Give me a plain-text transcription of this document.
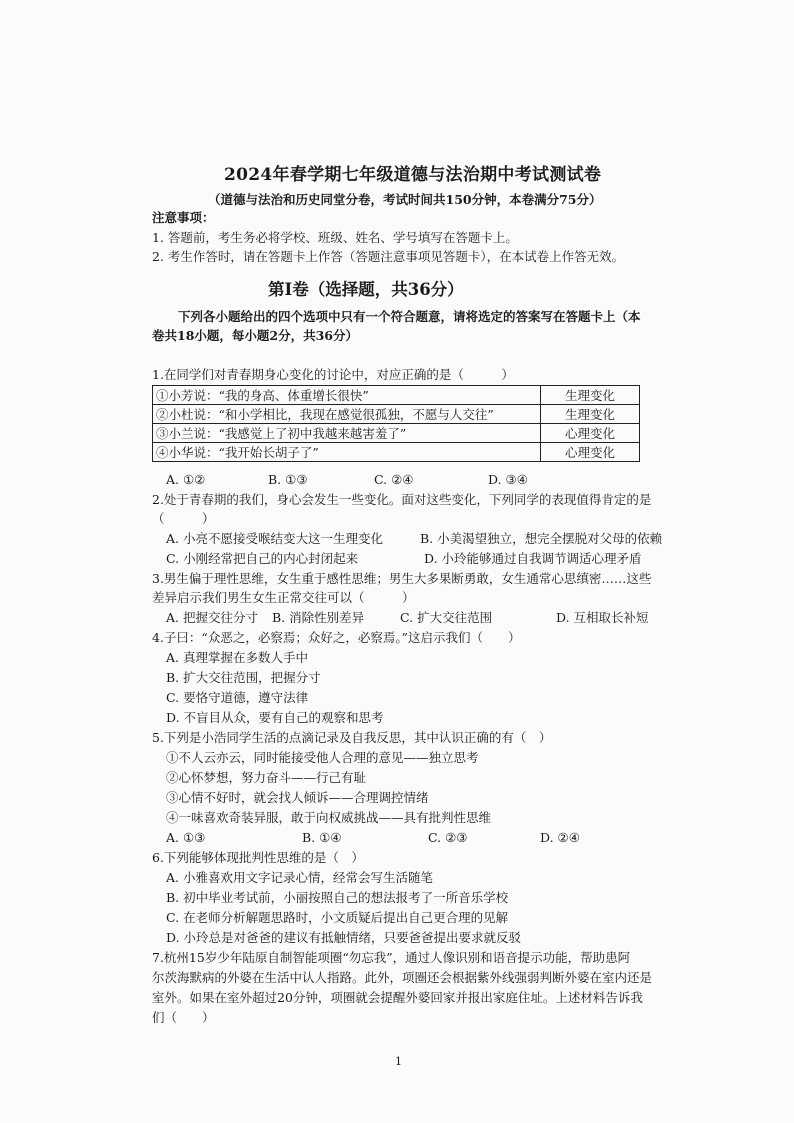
2024年春学期七年级道德与法治期中考试测试卷
（道德与法治和历史同堂分卷，考试时间共150分钟，本卷满分75分）
注意事项：
1. 答题前，考生务必将学校、班级、姓名、学号填写在答题卡上。
2. 考生作答时，请在答题卡上作答（答题注意事项见答题卡），在本试卷上作答无效。
第Ⅰ卷（选择题，共36分）
下列各小题给出的四个选项中只有一个符合题意，请将选定的答案写在答题卡上（本
卷共18小题，每小题2分，共36分）
1.在同学们对青春期身心变化的讨论中，对应正确的是（　　　）
①小芳说：“我的身高、体重增长很快”	生理变化
②小杜说：“和小学相比，我现在感觉很孤独，不愿与人交往”	生理变化
③小兰说：“我感觉上了初中我越来越害羞了”	心理变化
④小华说：“我开始长胡子了”	心理变化
A. ①②	B. ①③	C. ②④	D. ③④
2.处于青春期的我们，身心会发生一些变化。面对这些变化，下列同学的表现值得肯定的是
（　　　）
A. 小亮不愿接受喉结变大这一生理变化	B. 小美渴望独立，想完全摆脱对父母的依赖
C. 小刚经常把自己的内心封闭起来	D. 小玲能够通过自我调节调适心理矛盾
3.男生偏于理性思维，女生重于感性思维；男生大多果断勇敢，女生通常心思缜密……这些
差异启示我们男生女生正常交往可以（　　　）
A. 把握交往分寸 B. 消除性别差异	C. 扩大交往范围	D. 互相取长补短
4.子曰：“众恶之，必察焉；众好之，必察焉。”这启示我们（　　）
A. 真理掌握在多数人手中
B. 扩大交往范围，把握分寸
C. 要恪守道德，遵守法律
D. 不盲目从众，要有自己的观察和思考
5.下列是小浩同学生活的点滴记录及自我反思，其中认识正确的有（　）
①不人云亦云，同时能接受他人合理的意见——独立思考
②心怀梦想，努力奋斗——行己有耻
③心情不好时，就会找人倾诉——合理调控情绪
④一味喜欢奇装异服，敢于向权威挑战——具有批判性思维
A. ①③	B. ①④	C. ②③	D. ②④
6.下列能够体现批判性思维的是（　）
A. 小雅喜欢用文字记录心情，经常会写生活随笔
B. 初中毕业考试前，小丽按照自己的想法报考了一所音乐学校
C. 在老师分析解题思路时，小文质疑后提出自己更合理的见解
D. 小玲总是对爸爸的建议有抵触情绪，只要爸爸提出要求就反驳
7.杭州15岁少年陆原自制智能项圈“勿忘我”，通过人像识别和语音提示功能，帮助患阿
尔茨海默病的外婆在生活中认人指路。此外，项圈还会根据紫外线强弱判断外婆在室内还是
室外。如果在室外超过20分钟，项圈就会提醒外婆回家并报出家庭住址。上述材料告诉我
们（　　）
1
